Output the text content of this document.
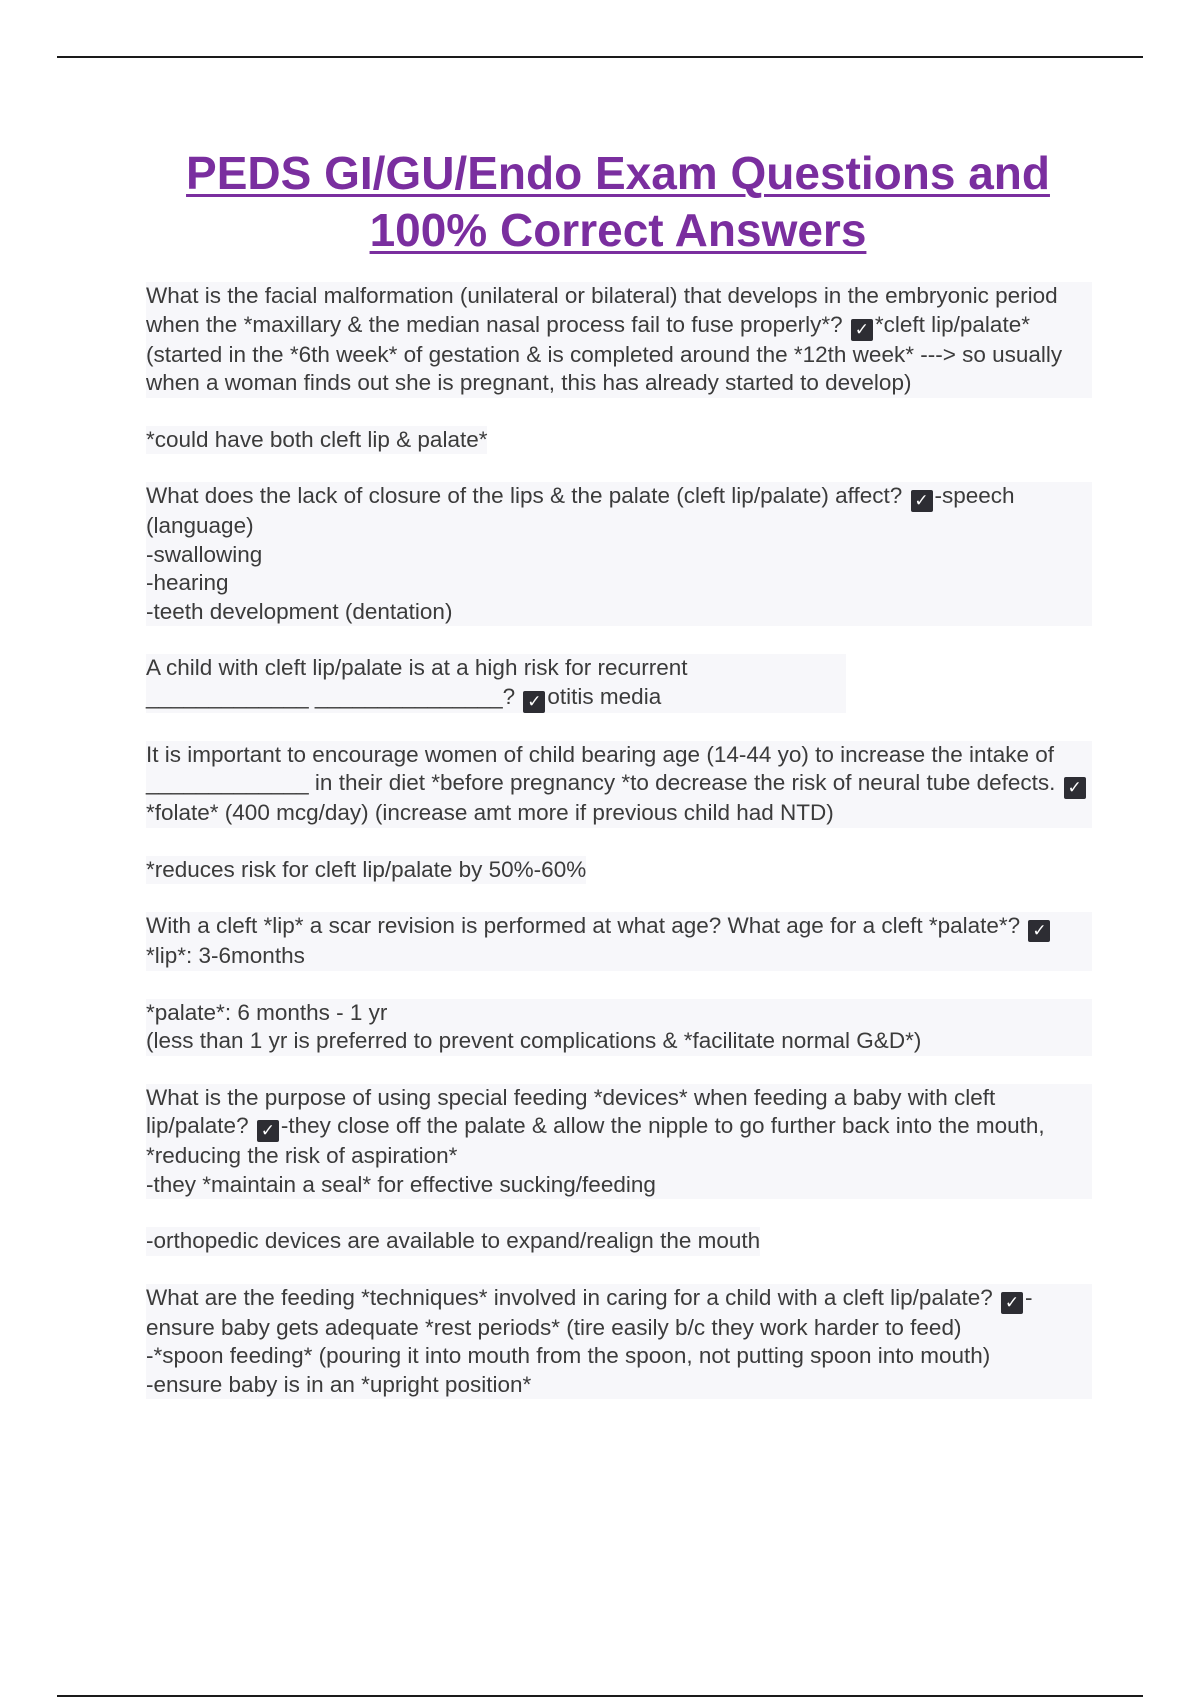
PEDS GI/GU/Endo Exam Questions and
100% Correct Answers
What is the facial malformation (unilateral or bilateral) that develops in the embryonic period when the *maxillary & the median nasal process fail to fuse properly*? ✓ *cleft lip/palate* (started in the *6th week* of gestation & is completed around the *12th week* ---> so usually when a woman finds out she is pregnant, this has already started to develop)
*could have both cleft lip & palate*
What does the lack of closure of the lips & the palate (cleft lip/palate) affect? ✓ -speech (language)
-swallowing
-hearing
-teeth development (dentation)
A child with cleft lip/palate is at a high risk for recurrent _____________ _______________? ✓ otitis media
It is important to encourage women of child bearing age (14-44 yo) to increase the intake of _____________ in their diet *before pregnancy *to decrease the risk of neural tube defects. ✓*folate* (400 mcg/day) (increase amt more if previous child had NTD)
*reduces risk for cleft lip/palate by 50%-60%
With a cleft *lip* a scar revision is performed at what age? What age for a cleft *palate*? ✓*lip*: 3-6months
*palate*: 6 months - 1 yr
(less than 1 yr is preferred to prevent complications & *facilitate normal G&D*)
What is the purpose of using special feeding *devices* when feeding a baby with cleft lip/palate? ✓ -they close off the palate & allow the nipple to go further back into the mouth, *reducing the risk of aspiration*
-they *maintain a seal* for effective sucking/feeding
-orthopedic devices are available to expand/realign the mouth
What are the feeding *techniques* involved in caring for a child with a cleft lip/palate? ✓ -ensure baby gets adequate *rest periods* (tire easily b/c they work harder to feed)
-*spoon feeding* (pouring it into mouth from the spoon, not putting spoon into mouth)
-ensure baby is in an *upright position*
